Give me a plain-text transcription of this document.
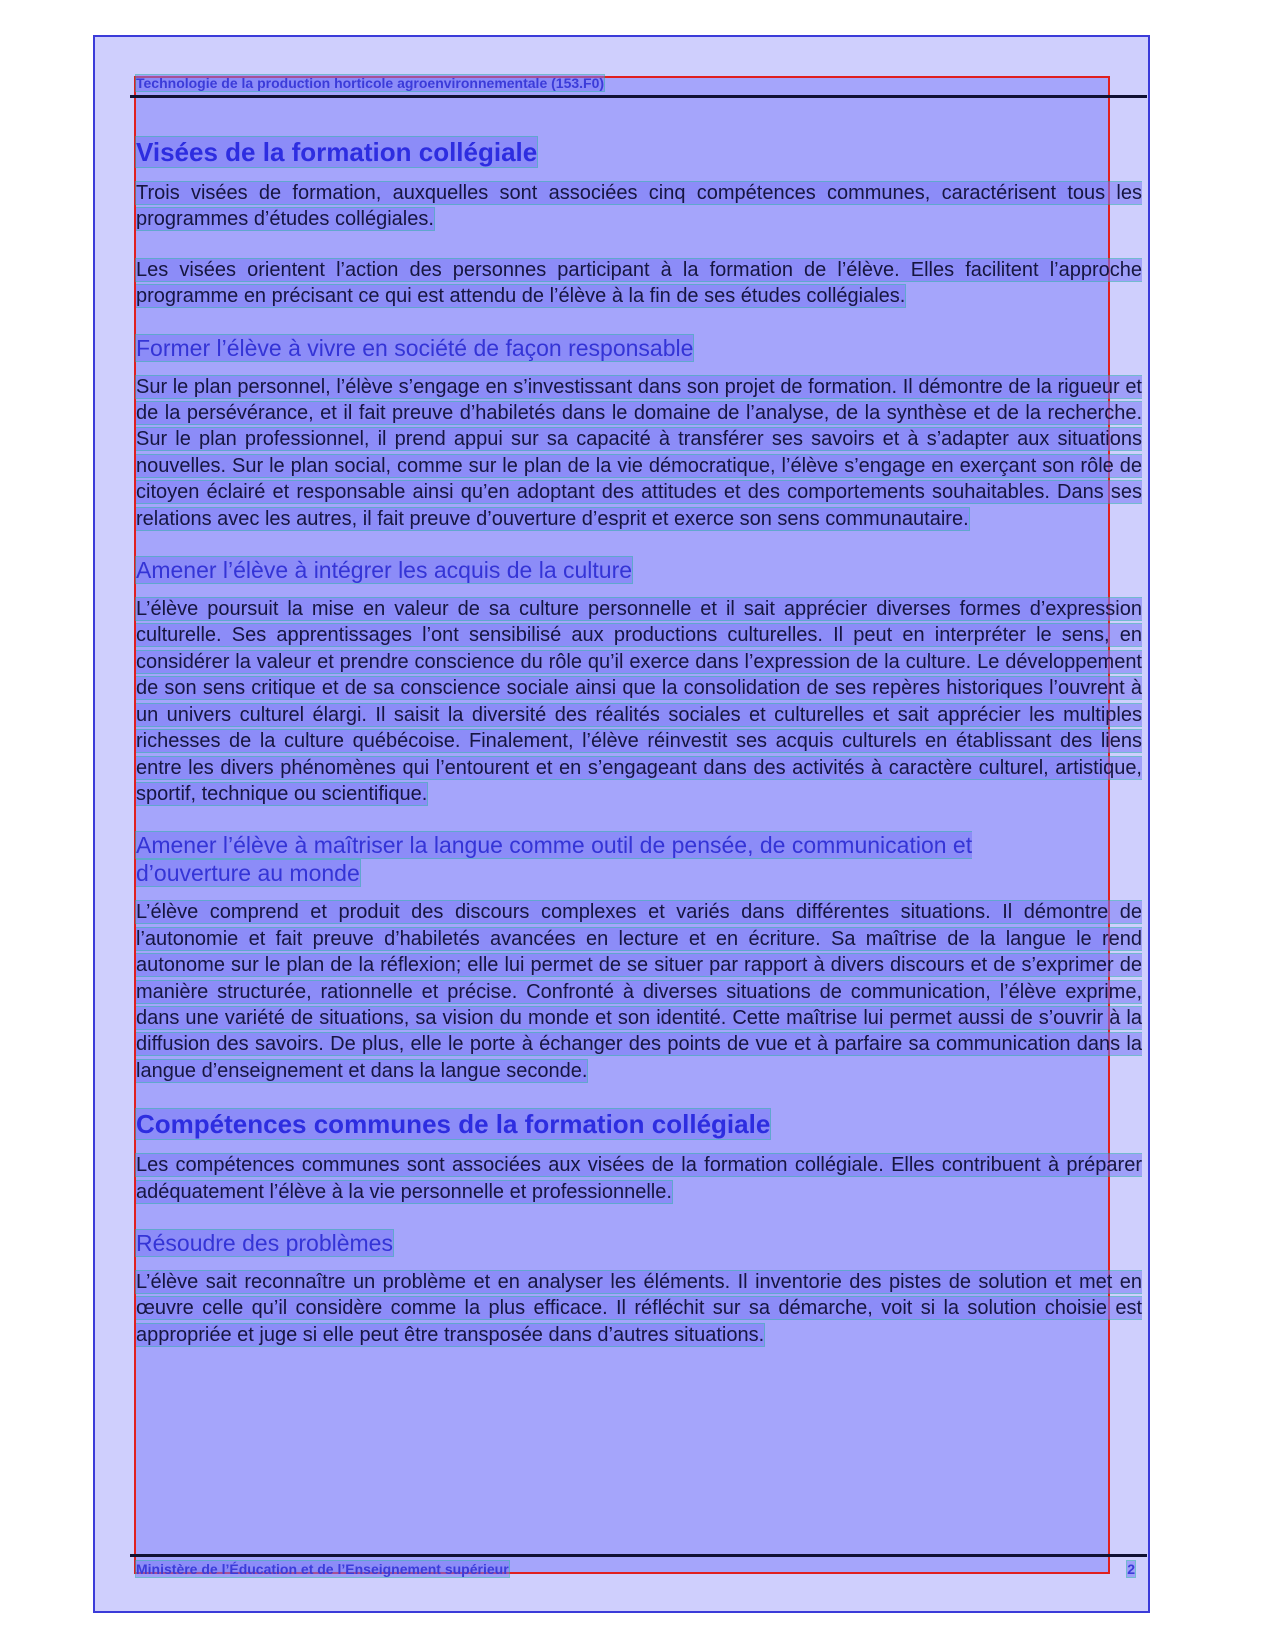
Technologie de la production horticole agroenvironnementale (153.F0)
Visées de la formation collégiale

Trois visées de formation, auxquelles sont associées cinq compétences communes, caractérisent tous les programmes d’études collégiales.

Les visées orientent l’action des personnes participant à la formation de l’élève. Elles facilitent l’approche programme en précisant ce qui est attendu de l’élève à la fin de ses études collégiales.

Former l’élève à vivre en société de façon responsable

Sur le plan personnel, l’élève s’engage en s’investissant dans son projet de formation. Il démontre de la rigueur et de la persévérance, et il fait preuve d’habiletés dans le domaine de l’analyse, de la synthèse et de la recherche. Sur le plan professionnel, il prend appui sur sa capacité à transférer ses savoirs et à s’adapter aux situations nouvelles. Sur le plan social, comme sur le plan de la vie démocratique, l’élève s’engage en exerçant son rôle de citoyen éclairé et responsable ainsi qu’en adoptant des attitudes et des comportements souhaitables. Dans ses relations avec les autres, il fait preuve d’ouverture d’esprit et exerce son sens communautaire.

Amener l’élève à intégrer les acquis de la culture

L’élève poursuit la mise en valeur de sa culture personnelle et il sait apprécier diverses formes d’expression culturelle. Ses apprentissages l’ont sensibilisé aux productions culturelles. Il peut en interpréter le sens, en considérer la valeur et prendre conscience du rôle qu’il exerce dans l’expression de la culture. Le développement de son sens critique et de sa conscience sociale ainsi que la consolidation de ses repères historiques l’ouvrent à un univers culturel élargi. Il saisit la diversité des réalités sociales et culturelles et sait apprécier les multiples richesses de la culture québécoise. Finalement, l’élève réinvestit ses acquis culturels en établissant des liens entre les divers phénomènes qui l’entourent et en s’engageant dans des activités à caractère culturel, artistique, sportif, technique ou scientifique.

Amener l’élève à maîtriser la langue comme outil de pensée, de communication et d’ouverture au monde

L’élève comprend et produit des discours complexes et variés dans différentes situations. Il démontre de l’autonomie et fait preuve d’habiletés avancées en lecture et en écriture. Sa maîtrise de la langue le rend autonome sur le plan de la réflexion; elle lui permet de se situer par rapport à divers discours et de s’exprimer de manière structurée, rationnelle et précise. Confronté à diverses situations de communication, l’élève exprime, dans une variété de situations, sa vision du monde et son identité. Cette maîtrise lui permet aussi de s’ouvrir à la diffusion des savoirs. De plus, elle le porte à échanger des points de vue et à parfaire sa communication dans la langue d’enseignement et dans la langue seconde.

Compétences communes de la formation collégiale

Les compétences communes sont associées aux visées de la formation collégiale. Elles contribuent à préparer adéquatement l’élève à la vie personnelle et professionnelle.

Résoudre des problèmes

L’élève sait reconnaître un problème et en analyser les éléments. Il inventorie des pistes de solution et met en œuvre celle qu’il considère comme la plus efficace. Il réfléchit sur sa démarche, voit si la solution choisie est appropriée et juge si elle peut être transposée dans d’autres situations.

Ministère de l’Éducation et de l’Enseignement supérieur	2
